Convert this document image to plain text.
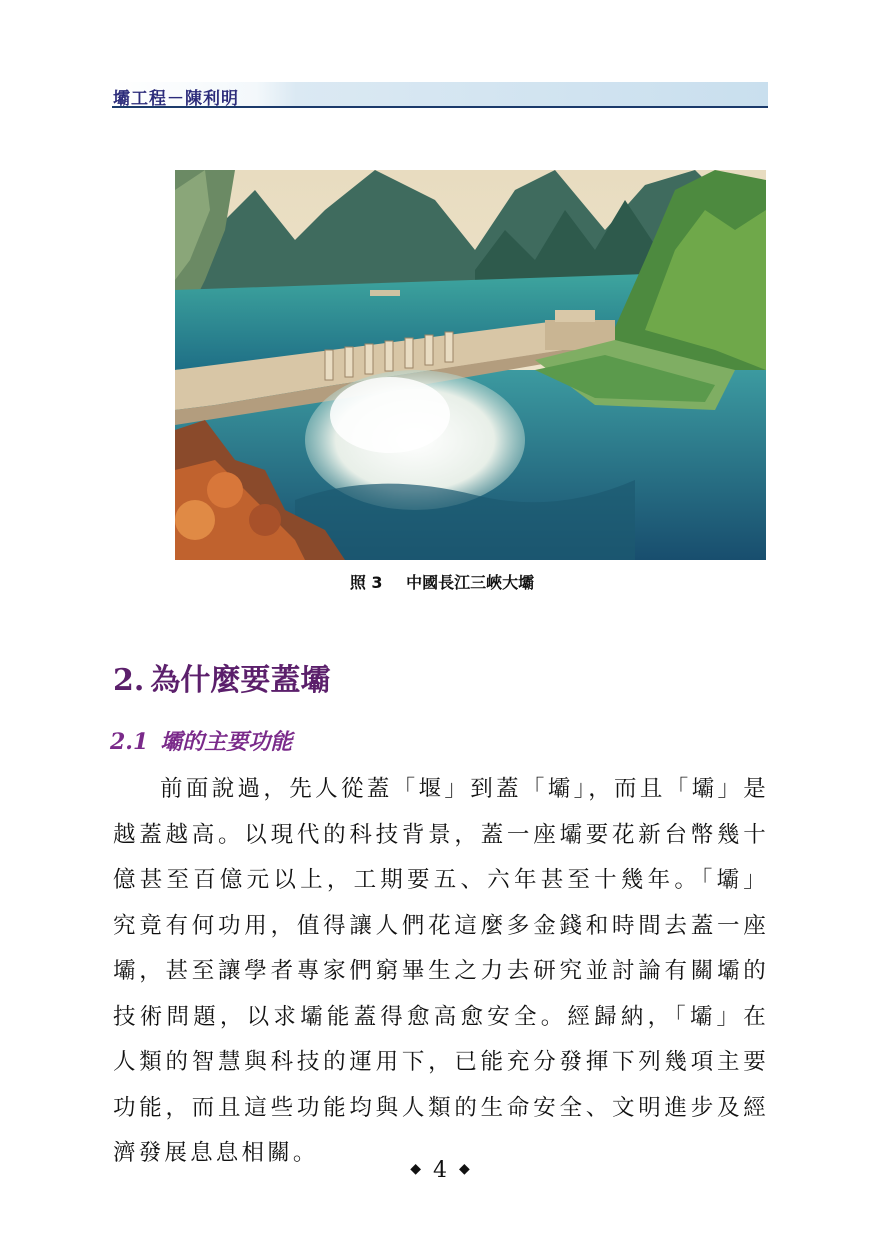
壩工程－陳利明
照 3 中國長江三峽大壩
2. 為什麼要蓋壩
2.1 壩的主要功能

前面說過，先人從蓋「堰」到蓋「壩」，而且「壩」是越蓋越高。以現代的科技背景，蓋一座壩要花新台幣幾十億甚至百億元以上，工期要五、六年甚至十幾年。「壩」究竟有何功用，值得讓人們花這麼多金錢和時間去蓋一座壩，甚至讓學者專家們窮畢生之力去研究並討論有關壩的技術問題，以求壩能蓋得愈高愈安全。經歸納，「壩」在人類的智慧與科技的運用下，已能充分發揮下列幾項主要功能，而且這些功能均與人類的生命安全、文明進步及經濟發展息息相關。

◆ 4 ◆
